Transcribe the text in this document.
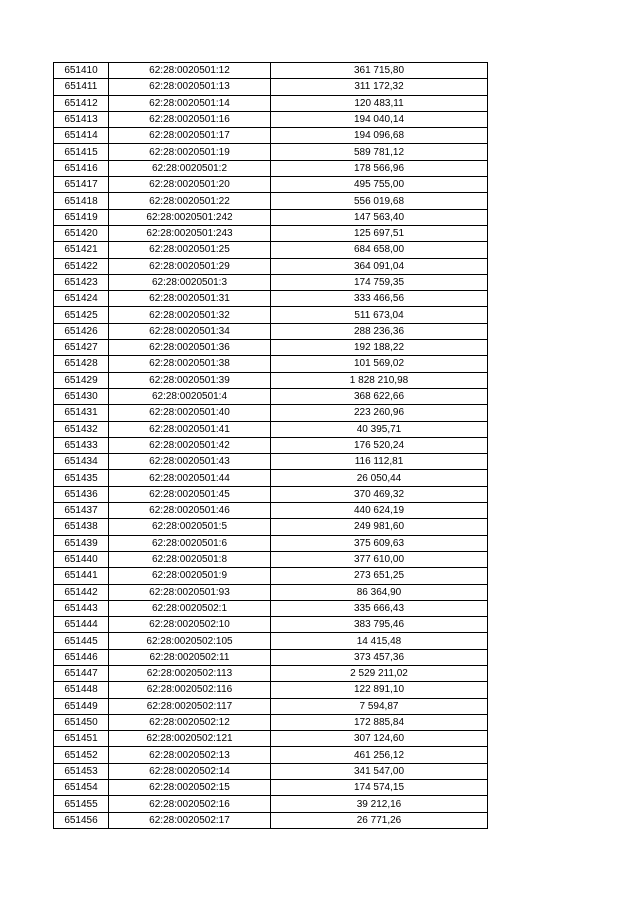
651410	62:28:0020501:12	361 715,80
651411	62:28:0020501:13	311 172,32
651412	62:28:0020501:14	120 483,11
651413	62:28:0020501:16	194 040,14
651414	62:28:0020501:17	194 096,68
651415	62:28:0020501:19	589 781,12
651416	62:28:0020501:2	178 566,96
651417	62:28:0020501:20	495 755,00
651418	62:28:0020501:22	556 019,68
651419	62:28:0020501:242	147 563,40
651420	62:28:0020501:243	125 697,51
651421	62:28:0020501:25	684 658,00
651422	62:28:0020501:29	364 091,04
651423	62:28:0020501:3	174 759,35
651424	62:28:0020501:31	333 466,56
651425	62:28:0020501:32	511 673,04
651426	62:28:0020501:34	288 236,36
651427	62:28:0020501:36	192 188,22
651428	62:28:0020501:38	101 569,02
651429	62:28:0020501:39	1 828 210,98
651430	62:28:0020501:4	368 622,66
651431	62:28:0020501:40	223 260,96
651432	62:28:0020501:41	40 395,71
651433	62:28:0020501:42	176 520,24
651434	62:28:0020501:43	116 112,81
651435	62:28:0020501:44	26 050,44
651436	62:28:0020501:45	370 469,32
651437	62:28:0020501:46	440 624,19
651438	62:28:0020501:5	249 981,60
651439	62:28:0020501:6	375 609,63
651440	62:28:0020501:8	377 610,00
651441	62:28:0020501:9	273 651,25
651442	62:28:0020501:93	86 364,90
651443	62:28:0020502:1	335 666,43
651444	62:28:0020502:10	383 795,46
651445	62:28:0020502:105	14 415,48
651446	62:28:0020502:11	373 457,36
651447	62:28:0020502:113	2 529 211,02
651448	62:28:0020502:116	122 891,10
651449	62:28:0020502:117	7 594,87
651450	62:28:0020502:12	172 885,84
651451	62:28:0020502:121	307 124,60
651452	62:28:0020502:13	461 256,12
651453	62:28:0020502:14	341 547,00
651454	62:28:0020502:15	174 574,15
651455	62:28:0020502:16	39 212,16
651456	62:28:0020502:17	26 771,26
